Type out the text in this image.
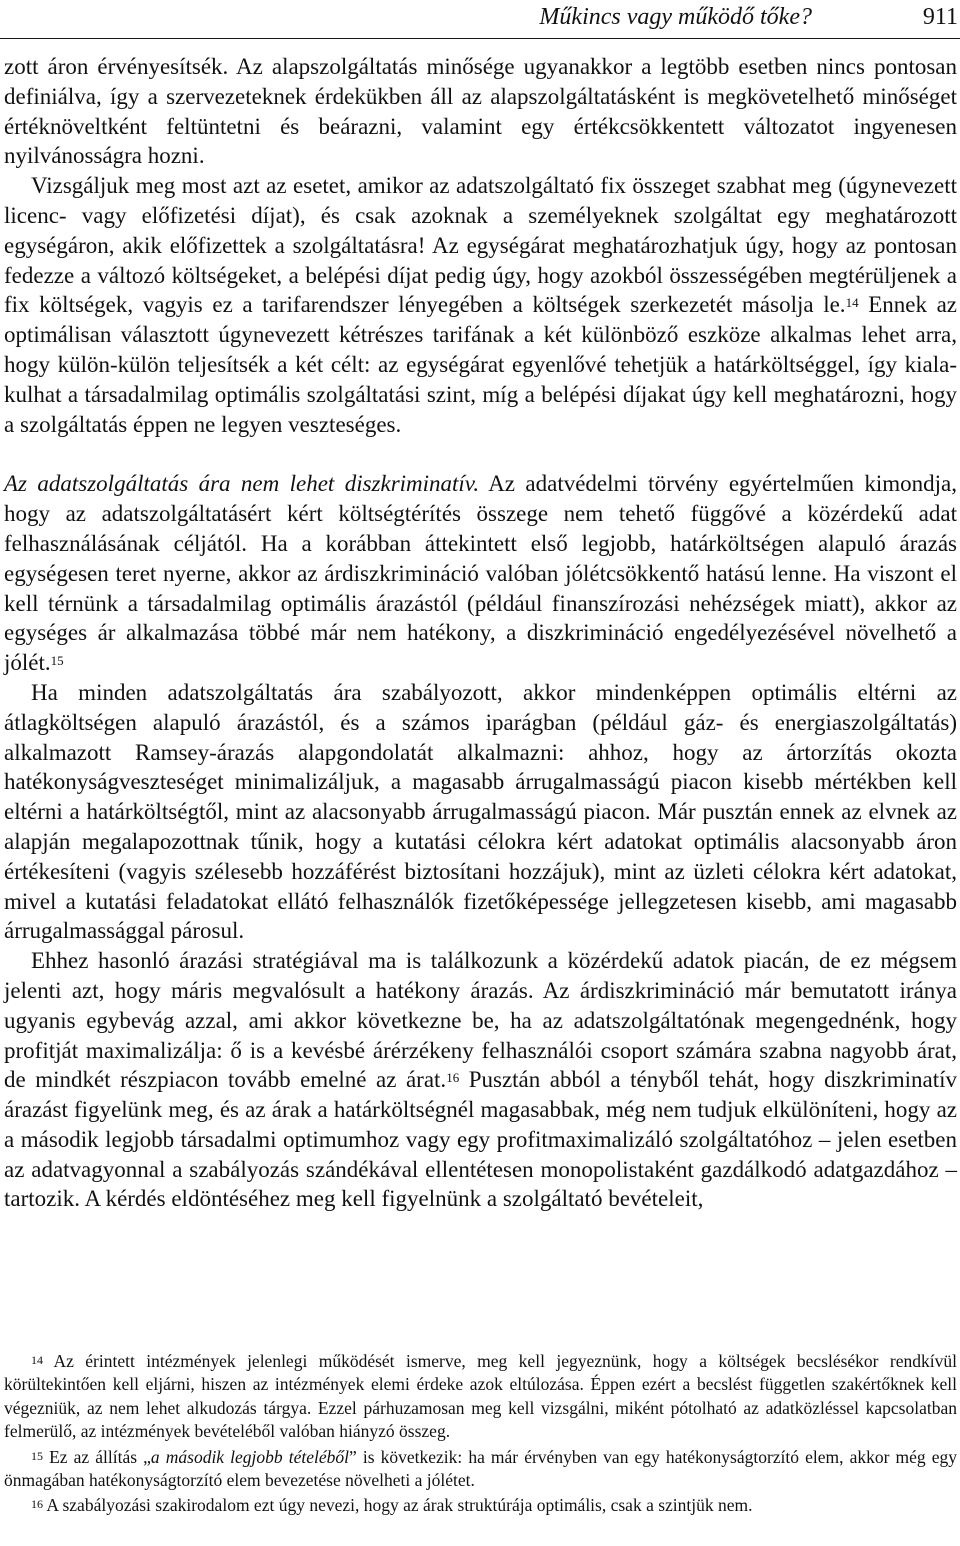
Műkincs vagy működő tőke?	911

zott áron érvényesítsék. Az alapszolgáltatás minősége ugyanakkor a legtöbb esetben nincs pontosan definiálva, így a szervezeteknek érdekükben áll az alapszolgáltatásként is megkövetelhető minőséget értéknöveltként feltüntetni és beárazni, valamint egy értékcsökkentett változatot ingyenesen nyilvánosságra hozni.

Vizsgáljuk meg most azt az esetet, amikor az adatszolgáltató fix összeget szabhat meg (úgynevezett licenc- vagy előfizetési díjat), és csak azoknak a személyeknek szolgáltat egy meghatározott egységáron, akik előfizettek a szolgáltatásra! Az egységárat meghatározhatjuk úgy, hogy az pontosan fedezze a változó költségeket, a belépési díjat pedig úgy, hogy azokból összességében megtérüljenek a fix költségek, vagyis ez a tarifarendszer lényegében a költségek szerkezetét másolja le.$^{14}$ Ennek az optimálisan választott úgynevezett kétrészes tarifának a két különböző eszköze alkalmas lehet arra, hogy külön-külön teljesítsék a két célt: az egységárat egyenlővé tehetjük a határköltséggel, így kialakulhat a társadalmilag optimális szolgáltatási szint, míg a belépési díjakat úgy kell meghatározni, hogy a szolgáltatás éppen ne legyen veszteséges.

Az adatszolgáltatás ára nem lehet diszkriminatív. Az adatvédelmi törvény egyértelműen kimondja, hogy az adatszolgáltatásért kért költségtérítés összege nem tehető függővé a közérdekű adat felhasználásának céljától. Ha a korábban áttekintett első legjobb, határköltségen alapuló árazás egységesen teret nyerne, akkor az árdiszkrimináció valóban jólétcsökkentő hatású lenne. Ha viszont el kell térnünk a társadalmilag optimális árazástól (például finanszírozási nehézségek miatt), akkor az egységes ár alkalmazása többé már nem hatékony, a diszkrimináció engedélyezésével növelhető a jólét.$^{15}$

Ha minden adatszolgáltatás ára szabályozott, akkor mindenképpen optimális eltérni az átlagköltségen alapuló árazástól, és a számos iparágban (például gáz- és energiaszolgáltatás) alkalmazott Ramsey-árazás alapgondolatát alkalmazni: ahhoz, hogy az ártorzítás okozta hatékonyságveszteséget minimalizáljuk, a magasabb árrugalmasságú piacon kisebb mértékben kell eltérni a határköltségtől, mint az alacsonyabb árrugalmasságú piacon. Már pusztán ennek az elvnek az alapján megalapozottnak tűnik, hogy a kutatási célokra kért adatokat optimális alacsonyabb áron értékesíteni (vagyis szélesebb hozzáférést biztosítani hozzájuk), mint az üzleti célokra kért adatokat, mivel a kutatási feladatokat ellátó felhasználók fizetőképessége jellegzetesen kisebb, ami magasabb árrugalmassággal párosul.

Ehhez hasonló árazási stratégiával ma is találkozunk a közérdekű adatok piacán, de ez mégsem jelenti azt, hogy máris megvalósult a hatékony árazás. Az árdiszkrimináció már bemutatott iránya ugyanis egybevág azzal, ami akkor következne be, ha az adatszolgáltatónak megengednénk, hogy profitját maximalizálja: ő is a kevésbé árérzékeny felhasználói csoport számára szabna nagyobb árat, de mindkét részpiacon tovább emelné az árat.$^{16}$ Pusztán abból a tényből tehát, hogy diszkriminatív árazást figyelünk meg, és az árak a határköltségnél magasabbak, még nem tudjuk elkülöníteni, hogy az a második legjobb társadalmi optimumhoz vagy egy profitmaximalizáló szolgáltatóhoz – jelen esetben az adatvagyonnal a szabályozás szándékával ellentétesen monopolistaként gazdálkodó adatgazdához – tartozik. A kérdés eldöntéséhez meg kell figyelnünk a szolgáltató bevételeit,

$^{14}$ Az érintett intézmények jelenlegi működését ismerve, meg kell jegyeznünk, hogy a költségek becslésékor rendkívül körültekintően kell eljárni, hiszen az intézmények elemi érdeke azok eltúlozása. Éppen ezért a becslést független szakértőknek kell végezniük, az nem lehet alkudozás tárgya. Ezzel párhuzamosan meg kell vizsgálni, miként pótolható az adatközléssel kapcsolatban felmerülő, az intézmények bevételéből valóban hiányzó összeg.

$^{15}$ Ez az állítás „a második legjobb tételéből” is következik: ha már érvényben van egy hatékonyságtorzító elem, akkor még egy önmagában hatékonyságtorzító elem bevezetése növelheti a jólétet.

$^{16}$ A szabályozási szakirodalom ezt úgy nevezi, hogy az árak struktúrája optimális, csak a szintjük nem.
